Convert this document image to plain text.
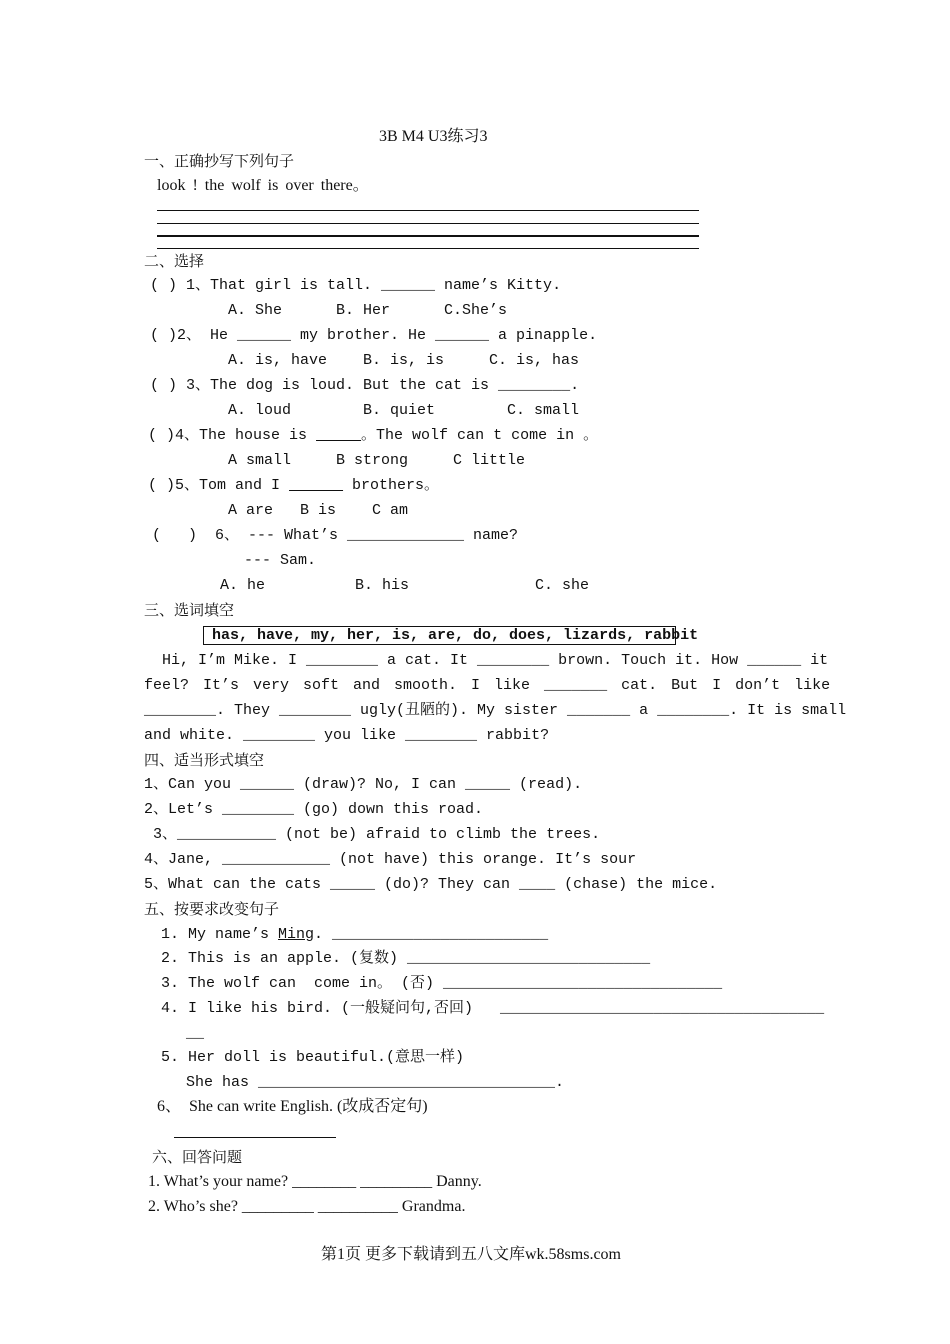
3B M4 U3练习3
一、正确抄写下列句子
look ! the wolf is over there。
二、选择
( ) 1、That girl is tall. ______ name’s Kitty.
A. She      B. Her      C.She’s
( )2、 He ______ my brother. He ______ a pinapple.
A. is, have    B. is, is     C. is, has
( ) 3、The dog is loud. But the cat is ________.
A. loud        B. quiet        C. small
( )4、The house is	。The wolf can t come in 。
A small     B strong     C little
( )5、Tom and I	brothers。
A are   B is    C am
(   )  6、 --- What’s _____________ name?
--- Sam.
A. he          B. his              C. she
三、选词填空
has, have, my, her, is, are, do, does, lizards, rabbit
Hi, I’m Mike. I ________ a cat. It ________ brown. Touch it. How ______ it
feel? It’s very soft and smooth. I like _______ cat. But I don’t like
________. They ________ ugly(丑陋的). My sister _______ a ________. It is small
and white. ________ you like ________ rabbit?
四、适当形式填空
1、Can you ______ (draw)? No, I can _____ (read).
2、Let’s ________ (go) down this road.
3、___________ (not be) afraid to climb the trees.
4、Jane, ____________ (not have) this orange. It’s sour
5、What can the cats _____ (do)? They can ____ (chase) the mice.
五、按要求改变句子
1. My name’s Ming. ________________________
2. This is an apple. (复数) ___________________________
3. The wolf can  come in。 (否) _______________________________
4. I like his bird. (一般疑问句,否回)   ____________________________________
__
5. Her doll is beautiful.(意思一样)
She has _________________________________.
6、  She can write English. (改成否定句)
六、回答问题
1. What’s your name? ________ _________ Danny.
2. Who’s she? _________ __________ Grandma.
第1页 更多下载请到五八文库wk.58sms.com
